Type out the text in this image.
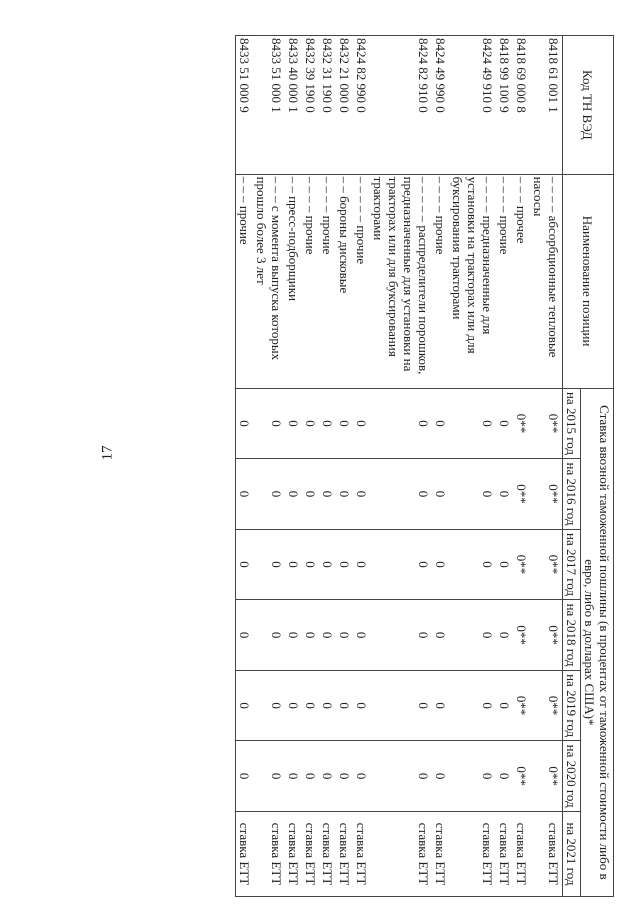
17
Код ТН ВЭД	Наименование позиции	Ставка ввозной таможенной пошлины (в процентах от таможенной стоимости либо в евро, либо в долларах США)*						
		на 2015 год	на 2016 год	на 2017 год	на 2018 год	на 2019 год	на 2020 год	на 2021 год
8418 61 001 1	– – – – абсорбционные тепловые насосы	0**	0**	0**	0**	0**	0**	ставка ЕТТ
8418 69 000 8	– – – прочее	0**	0**	0**	0**	0**	0**	ставка ЕТТ
8418 99 100 9	– – – – прочие	0	0	0	0	0	0	ставка ЕТТ
8424 49 910 0	– – – – предназначенные для установки на тракторах или для буксирования тракторами	0	0	0	0	0	0	ставка ЕТТ
8424 49 990 0	– – – – прочие	0	0	0	0	0	0	ставка ЕТТ
8424 82 910 0	– – – – – распределители порошков, предназначенные для установки на тракторах или для буксирования тракторами	0	0	0	0	0	0	ставка ЕТТ
8424 82 990 0	– – – – – прочие	0	0	0	0	0	0	ставка ЕТТ
8432 21 000 0	– – бороны дисковые	0	0	0	0	0	0	ставка ЕТТ
8432 31 190 0	– – – – прочие	0	0	0	0	0	0	ставка ЕТТ
8432 39 190 0	– – – – прочие	0	0	0	0	0	0	ставка ЕТТ
8433 40 000 1	– – пресс-подборщики	0	0	0	0	0	0	ставка ЕТТ
8433 51 000 1	– – – с момента выпуска которых прошло более 3 лет	0	0	0	0	0	0	ставка ЕТТ
8433 51 000 9	– – – прочие	0	0	0	0	0	0	ставка ЕТТ
